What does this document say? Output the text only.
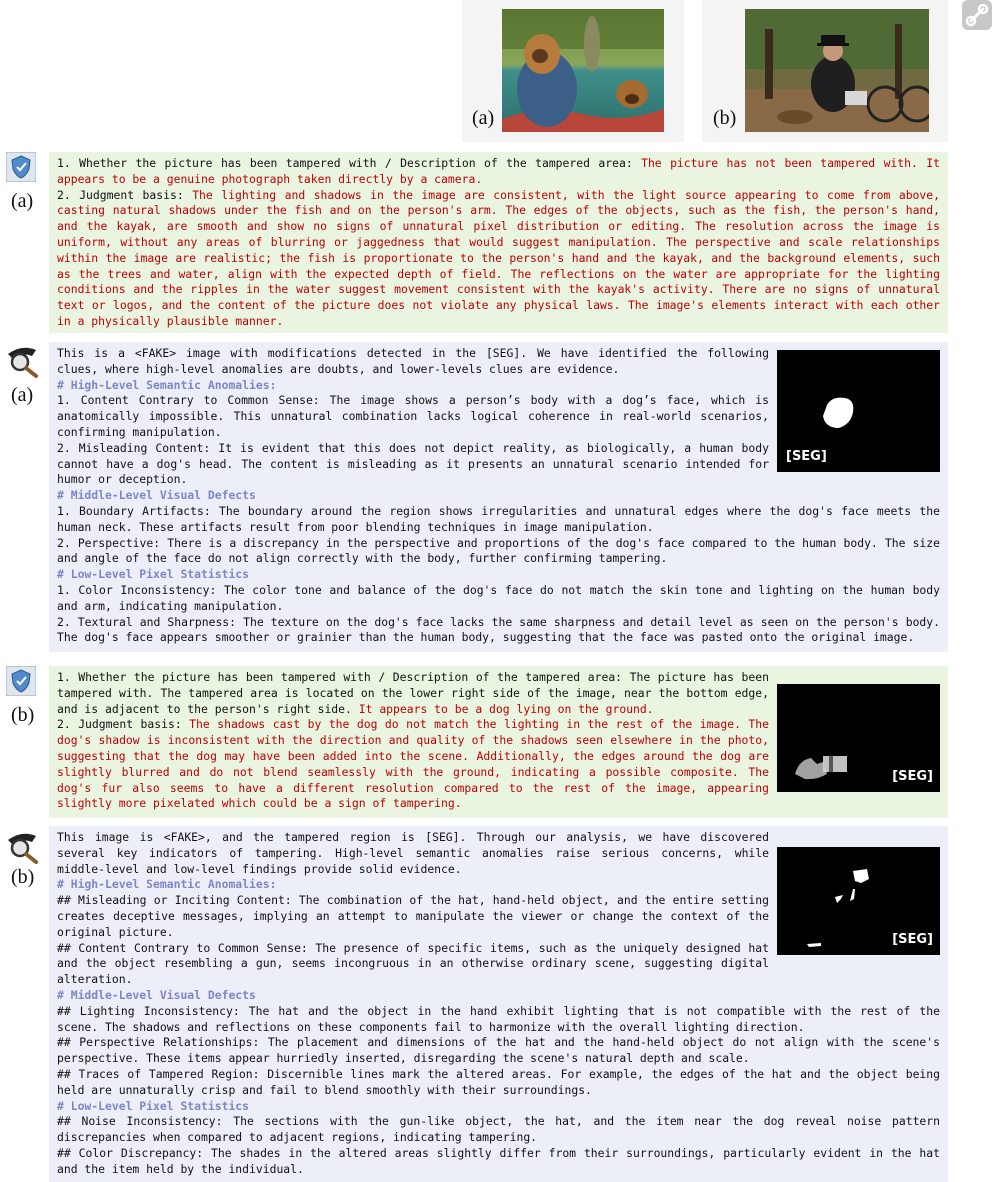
(a)	(b)
(a)

1. Whether the picture has been tampered with / Description of the tampered area: The picture has not been tampered with. It appears to be a genuine photograph taken directly by a camera.
2. Judgment basis: The lighting and shadows in the image are consistent, with the light source appearing to come from above, casting natural shadows under the fish and on the person's arm. The edges of the objects, such as the fish, the person's hand, and the kayak, are smooth and show no signs of unnatural pixel distribution or editing. The resolution across the image is uniform, without any areas of blurring or jaggedness that would suggest manipulation. The perspective and scale relationships within the image are realistic; the fish is proportionate to the person's hand and the kayak, and the background elements, such as the trees and water, align with the expected depth of field. The reflections on the water are appropriate for the lighting conditions and the ripples in the water suggest movement consistent with the kayak's activity. There are no signs of unnatural text or logos, and the content of the picture does not violate any physical laws. The image's elements interact with each other in a physically plausible manner.

(a)
[SEG]

This is a <FAKE> image with modifications detected in the [SEG]. We have identified the following clues, where high-level anomalies are doubts, and lower-levels clues are evidence.
# High-Level Semantic Anomalies:
1. Content Contrary to Common Sense: The image shows a person’s body with a dog’s face, which is anatomically impossible. This unnatural combination lacks logical coherence in real-world scenarios, confirming manipulation.
2. Misleading Content: It is evident that this does not depict reality, as biologically, a human body cannot have a dog's head. The content is misleading as it presents an unnatural scenario intended for humor or deception.
# Middle-Level Visual Defects
1. Boundary Artifacts: The boundary around the region shows irregularities and unnatural edges where the dog's face meets the human neck. These artifacts result from poor blending techniques in image manipulation.
2. Perspective: There is a discrepancy in the perspective and proportions of the dog's face compared to the human body. The size and angle of the face do not align correctly with the body, further confirming tampering.
# Low-Level Pixel Statistics
1. Color Inconsistency: The color tone and balance of the dog's face do not match the skin tone and lighting on the human body and arm, indicating manipulation.
2. Textural and Sharpness: The texture on the dog's face lacks the same sharpness and detail level as seen on the person's body. The dog's face appears smoother or grainier than the human body, suggesting that the face was pasted onto the original image.

(b)
[SEG]

1. Whether the picture has been tampered with / Description of the tampered area: The picture has been tampered with. The tampered area is located on the lower right side of the image, near the bottom edge, and is adjacent to the person's right side. It appears to be a dog lying on the ground.
2. Judgment basis: The shadows cast by the dog do not match the lighting in the rest of the image. The dog's shadow is inconsistent with the direction and quality of the shadows seen elsewhere in the photo, suggesting that the dog may have been added into the scene. Additionally, the edges around the dog are slightly blurred and do not blend seamlessly with the ground, indicating a possible composite. The dog's fur also seems to have a different resolution compared to the rest of the image, appearing slightly more pixelated which could be a sign of tampering.

(b)
[SEG]

This image is <FAKE>, and the tampered region is [SEG]. Through our analysis, we have discovered several key indicators of tampering. High-level semantic anomalies raise serious concerns, while middle-level and low-level findings provide solid evidence.
# High-Level Semantic Anomalies:
## Misleading or Inciting Content: The combination of the hat, hand-held object, and the entire setting creates deceptive messages, implying an attempt to manipulate the viewer or change the context of the original picture.
## Content Contrary to Common Sense: The presence of specific items, such as the uniquely designed hat and the object resembling a gun, seems incongruous in an otherwise ordinary scene, suggesting digital alteration.
# Middle-Level Visual Defects
## Lighting Inconsistency: The hat and the object in the hand exhibit lighting that is not compatible with the rest of the scene. The shadows and reflections on these components fail to harmonize with the overall lighting direction.
## Perspective Relationships: The placement and dimensions of the hat and the hand-held object do not align with the scene's perspective. These items appear hurriedly inserted, disregarding the scene's natural depth and scale.
## Traces of Tampered Region: Discernible lines mark the altered areas. For example, the edges of the hat and the object being held are unnaturally crisp and fail to blend smoothly with their surroundings.
# Low-Level Pixel Statistics
## Noise Inconsistency: The sections with the gun-like object, the hat, and the item near the dog reveal noise pattern discrepancies when compared to adjacent regions, indicating tampering.
## Color Discrepancy: The shades in the altered areas slightly differ from their surroundings, particularly evident in the hat and the item held by the individual.
